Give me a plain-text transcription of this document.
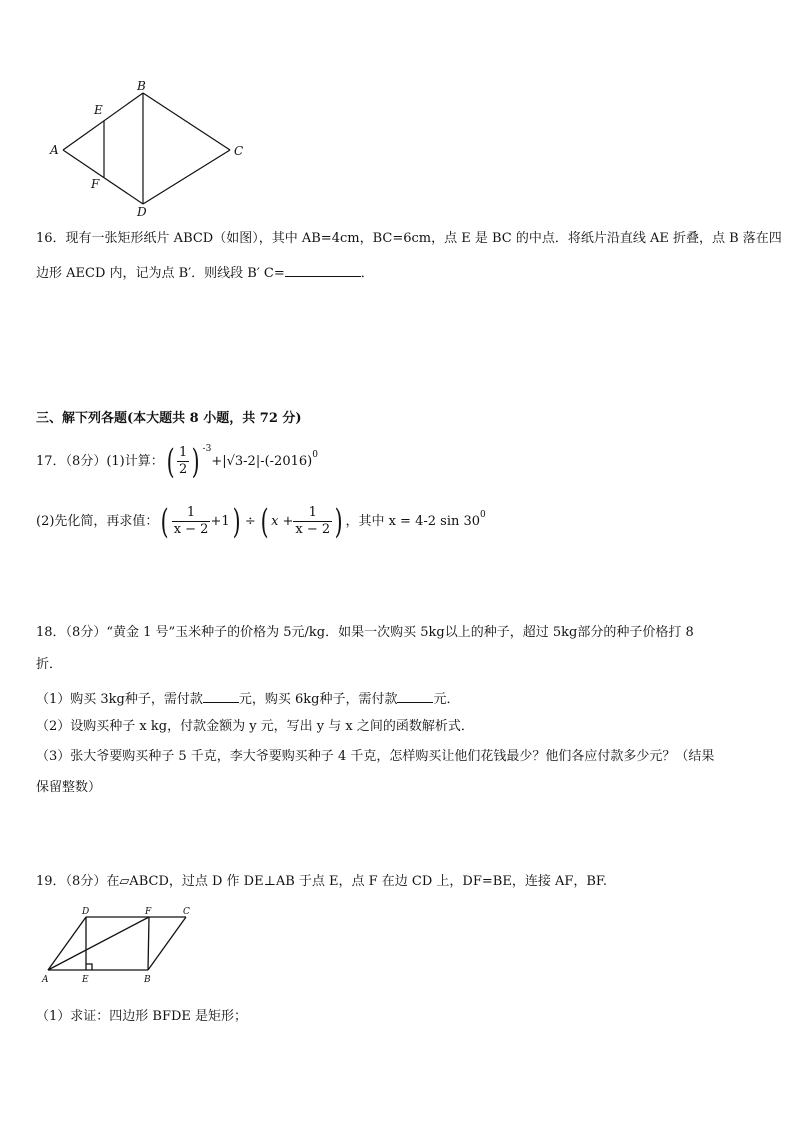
A
B
C
D
E
F
16．现有一张矩形纸片 ABCD（如图），其中 AB=4cm，BC=6cm，点 E 是 BC 的中点．将纸片沿直线 AE 折叠，点 B 落在四
边形 AECD 内，记为点 B′．则线段 B′ C=	．
三、解下列各题(本大题共 8 小题，共 72 分)
17．（8分）(1)计算：( $\frac{1}{2}$ ) $^{-3}+|√3-2|-(-2016)^0$
(2)先化简，再求值：( $\frac{1}{x - 2} +1$) ÷ ( $x + \frac{1}{x - 2}$ ) ，其中 x = 4-2 $\sin 30^0$
18．（8分）“黄金 1 号”玉米种子的价格为 5元/kg．如果一次购买 5kg以上的种子，超过 5kg部分的种子价格打 8
折．
（1）购买 3kg种子，需付款	元，购买 6kg种子，需付款	元．
（2）设购买种子 x kg，付款金额为 y 元，写出 y 与 x 之间的函数解析式．
（3）张大爷要购买种子 5 千克，李大爷要购买种子 4 千克，怎样购买让他们花钱最少？他们各应付款多少元？（结果
保留整数）
19．（8分）在▱ABCD，过点 D 作 DE⊥AB 于点 E，点 F 在边 CD 上，DF=BE，连接 AF，BF.
A	B
C
D
E
F
（1）求证：四边形 BFDE 是矩形；
